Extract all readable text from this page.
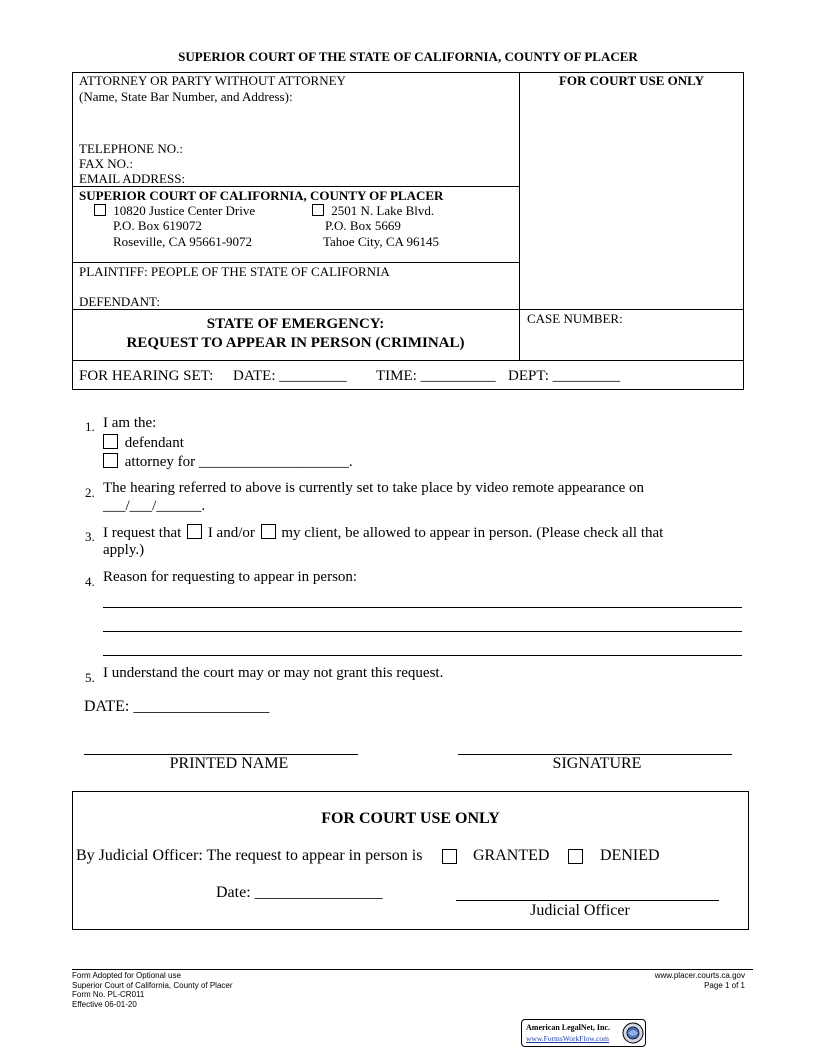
SUPERIOR COURT OF THE STATE OF CALIFORNIA, COUNTY OF PLACER
ATTORNEY OR PARTY WITHOUT ATTORNEY
(Name, State Bar Number, and Address):
TELEPHONE NO.:
FAX NO.:
EMAIL ADDRESS:
FOR COURT USE ONLY
SUPERIOR COURT OF CALIFORNIA, COUNTY OF PLACER
10820 Justice Center Drive
P.O. Box 619072
Roseville, CA 95661-9072
2501 N. Lake Blvd.
P.O. Box 5669
Tahoe City, CA 96145
PLAINTIFF: PEOPLE OF THE STATE OF CALIFORNIA
DEFENDANT:
STATE OF EMERGENCY:
REQUEST TO APPEAR IN PERSON (CRIMINAL)
CASE NUMBER:
FOR HEARING SET: DATE: _________ TIME: __________ DEPT: _________
1. I am the:
defendant
attorney for ____________________.
2. The hearing referred to above is currently set to take place by video remote appearance on
___/___/______.
3. I request that I and/or my client, be allowed to appear in person. (Please check all that
apply.)
4. Reason for requesting to appear in person:
5. I understand the court may or may not grant this request.
DATE: _________________
PRINTED NAME	SIGNATURE
FOR COURT USE ONLY
By Judicial Officer: The request to appear in person is	GRANTED	DENIED
Date: ________________
Judicial Officer
Form Adopted for Optional use
Superior Court of California, County of Placer
Form No. PL-CR011
Effective 06-01-20
www.placer.courts.ca.gov
Page 1 of 1
American LegalNet, Inc.
www.FormsWorkFlow.com
